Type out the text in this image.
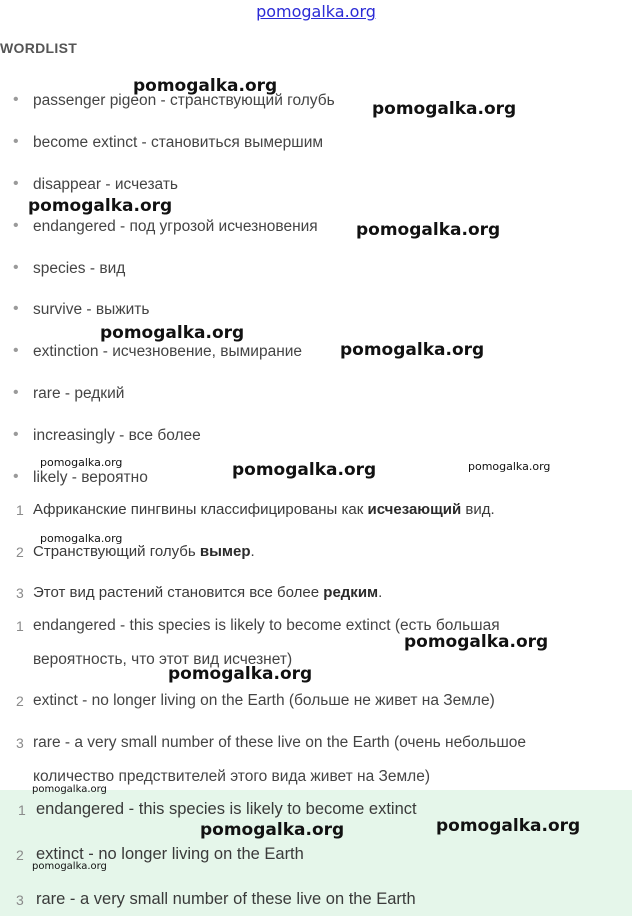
pomogalka.org
WORDLIST
• passenger pigeon - странствующий голубь
• become extinct - становиться вымершим
• disappear - исчезать
• endangered - под угрозой исчезновения
• species - вид
• survive - выжить
• extinction - исчезновение, вымирание
• rare - редкий
• increasingly - все более
• likely - вероятно
1 Африканские пингвины классифицированы как исчезающий вид.
2 Странствующий голубь вымер.
3 Этот вид растений становится все более редким.
1 endangered - this species is likely to become extinct (есть большая
вероятность, что этот вид исчезнет)
2 extinct - no longer living on the Earth (больше не живет на Земле)
3 rare - a very small number of these live on the Earth (очень небольшое
количество предствителей этого вида живет на Земле)
1 endangered - this species is likely to become extinct
2 extinct - no longer living on the Earth
3 rare - a very small number of these live on the Earth
pomogalka.org
pomogalka.org
pomogalka.org
pomogalka.org
pomogalka.org
pomogalka.org
pomogalka.org	pomogalka.org	pomogalka.org
pomogalka.org
pomogalka.org
pomogalka.org
pomogalka.org
pomogalka.org	pomogalka.org
pomogalka.org
